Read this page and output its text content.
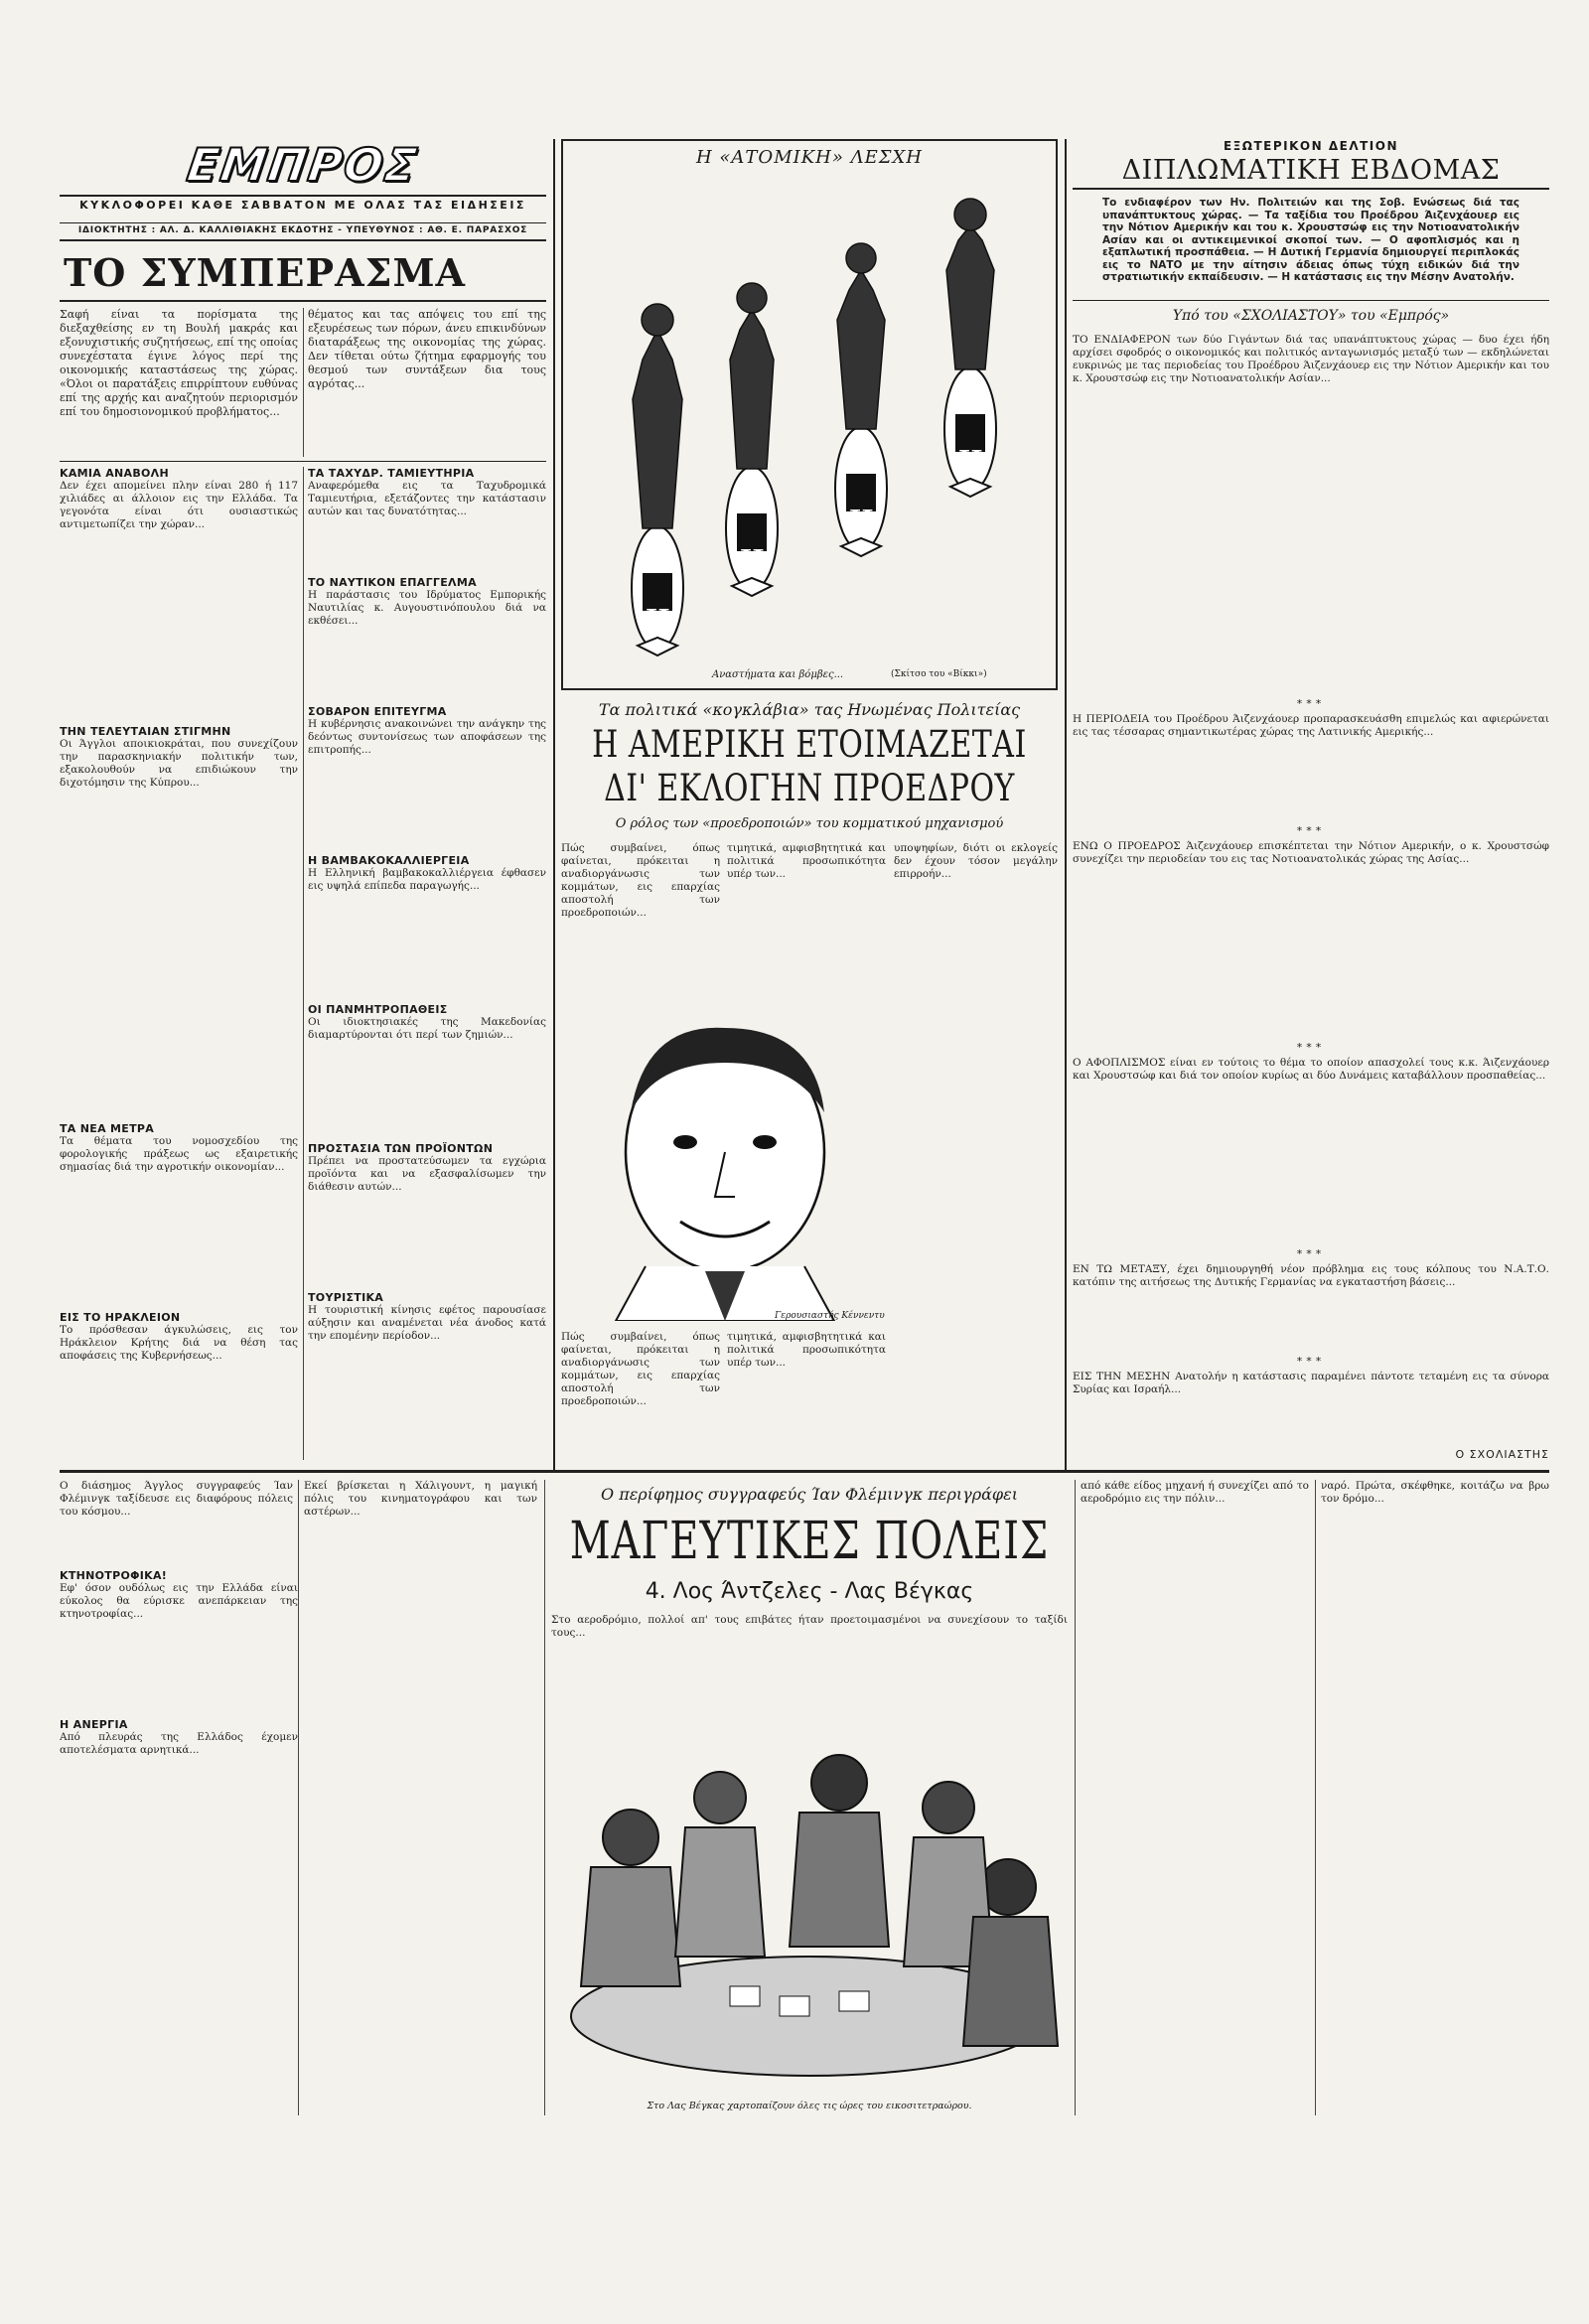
ΕΜΠΡΟΣ
ΚΥΚΛΟΦΟΡΕΙ ΚΑΘΕ ΣΑΒΒΑΤΟΝ ΜΕ ΟΛΑΣ ΤΑΣ ΕΙΔΗΣΕΙΣ
ΙΔΙΟΚΤΗΤΗΣ : ΑΛ. Δ. ΚΑΛΛΙΘΙΑΚΗΣ ΕΚΔΟΤΗΣ - ΥΠΕΥΘΥΝΟΣ : ΑΘ. Ε. ΠΑΡΑΣΧΟΣ
ΤΟ ΣΥΜΠΕΡΑΣΜΑ
Σαφή είναι τα πορίσματα της διεξαχθείσης εν τη Βουλή μακράς και εξονυχιστικής συζητήσεως, επί της οποίας συνεχέστατα έγινε λόγος περί της οικονομικής καταστάσεως της χώρας. «Όλοι οι παρατάξεις επιρρίπτουν ευθύνας επί της αρχής και αναζητούν περιορισμόν επί του δημοσιονομικού προβλήματος...
θέματος και τας απόψεις του επί της εξευρέσεως των πόρων, άνευ επικινδύνων διαταράξεως της οικονομίας της χώρας. Δεν τίθεται ούτω ζήτημα εφαρμογής του θεσμού των συντάξεων δια τους αγρότας...
ΚΑΜΙΑ ΑΝΑΒΟΛΗ
Δεν έχει απομείνει πλην είναι 280 ή 117 χιλιάδες αι άλλοιον εις την Ελλάδα. Τα γεγονότα είναι ότι ουσιαστικώς αντιμετωπίζει την χώραν...
ΤΗΝ ΤΕΛΕΥΤΑΙΑΝ ΣΤΙΓΜΗΝ
Οι Άγγλοι αποικιοκράται, που συνεχίζουν την παρασκηνιακήν πολιτικήν των, εξακολουθούν να επιδιώκουν την διχοτόμησιν της Κύπρου...
ΤΑ ΝΕΑ ΜΕΤΡΑ
Τα θέματα του νομοσχεδίου της φορολογικής πράξεως ως εξαιρετικής σημασίας διά την αγροτικήν οικονομίαν...
ΕΙΣ ΤΟ ΗΡΑΚΛΕΙΟΝ
Το πρόσθεσαν άγκυλώσεις, εις τον Ηράκλειον Κρήτης διά να θέση τας αποφάσεις της Κυβερνήσεως...
ΚΤΗΝΟΤΡΟΦΙΚΑ!
Εφ' όσον ουδόλως εις την Ελλάδα είναι εύκολος θα εύρισκε ανεπάρκειαν της κτηνοτροφίας...
Η ΑΝΕΡΓΙΑ
Από πλευράς της Ελλάδος έχομεν αποτελέσματα αρνητικά...
ΤΑ ΤΑΧΥΔΡ. ΤΑΜΙΕΥΤΗΡΙΑ
Αναφερόμεθα εις τα Ταχυδρομικά Ταμιευτήρια, εξετάζοντες την κατάστασιν αυτών και τας δυνατότητας...
ΤΟ ΝΑΥΤΙΚΟΝ ΕΠΑΓΓΕΛΜΑ
Η παράστασις του Ιδρύματος Εμπορικής Ναυτιλίας κ. Αυγουστινόπουλου διά να εκθέσει...
ΣΟΒΑΡΟΝ ΕΠΙΤΕΥΓΜΑ
Η κυβέρνησις ανακοινώνει την ανάγκην της δεόντως συντονίσεως των αποφάσεων της επιτροπής...
Η ΒΑΜΒΑΚΟΚΑΛΛΙΕΡΓΕΙΑ
Η Ελληνική βαμβακοκαλλιέργεια έφθασεν εις υψηλά επίπεδα παραγωγής...
ΟΙ ΠΑΝΜΗΤΡΟΠΑΘΕΙΣ
Οι ιδιοκτησιακές της Μακεδονίας διαμαρτύρονται ότι περί των ζημιών...
ΠΡΟΣΤΑΣΙΑ ΤΩΝ ΠΡΟΪΟΝΤΩΝ
Πρέπει να προστατεύσωμεν τα εγχώρια προϊόντα και να εξασφαλίσωμεν την διάθεσιν αυτών...
ΤΟΥΡΙΣΤΙΚΑ
Η τουριστική κίνησις εφέτος παρουσίασε αύξησιν και αναμένεται νέα άνοδος κατά την επομένην περίοδον...
Η «ΑΤΟΜΙΚΗ» ΛΕΣΧΗ
Η
Η
Η
Η
Αναστήματα και βόμβες...	(Σκίτσο του «Βίκκι»)
Τα πολιτικά «κογκλάβια» τας Ηνωμένας Πολιτείας
Η ΑΜΕΡΙΚΗ ΕΤΟΙΜΑΖΕΤΑΙ
ΔΙ' ΕΚΛΟΓΗΝ ΠΡΟΕΔΡΟΥ
Ο ρόλος των «προεδροποιών» του κομματικού μηχανισμού
Πώς συμβαίνει, όπως φαίνεται, πρόκειται η αναδιοργάνωσις των κομμάτων, εις επαρχίας αποστολή των προεδροποιών...
τιμητικά, αμφισβητητικά και πολιτικά προσωπικότητα υπέρ των...
υποψηφίων, διότι οι εκλογείς δεν έχουν τόσον μεγάλην επιρροήν...
Γερουσιαστής Κέννεντυ
Πώς συμβαίνει, όπως φαίνεται, πρόκειται η αναδιοργάνωσις των κομμάτων, εις επαρχίας αποστολή των προεδροποιών...
τιμητικά, αμφισβητητικά και πολιτικά προσωπικότητα υπέρ των...
ΕΞΩΤΕΡΙΚΟΝ ΔΕΛΤΙΟΝ
ΔΙΠΛΩΜΑΤΙΚΗ ΕΒΔΟΜΑΣ
Το ενδιαφέρον των Ην. Πολιτειών και της Σοβ. Ενώσεως διά τας υπανάπτυκτους χώρας. — Τα ταξίδια του Προέδρου Άιζενχάουερ εις την Νότιον Αμερικήν και του κ. Χρουστσώφ εις την Νοτιοανατολικήν Ασίαν και οι αντικειμενικοί σκοποί των. — Ο αφοπλισμός και η εξαπλωτική προσπάθεια. — Η Δυτική Γερμανία δημιουργεί περιπλοκάς εις το ΝΑΤΟ με την αίτησιν άδειας όπως τύχη ειδικών διά την στρατιωτικήν εκπαίδευσιν. — Η κατάστασις εις την Μέσην Ανατολήν.
Υπό του «ΣΧΟΛΙΑΣΤΟΥ» του «Εμπρός»
ΤΟ ΕΝΔΙΑΦΕΡΟΝ των δύο Γιγάντων διά τας υπανάπτυκτους χώρας — δυο έχει ήδη αρχίσει σφοδρός ο οικονομικός και πολιτικός ανταγωνισμός μεταξύ των — εκδηλώνεται ευκρινώς με τας περιοδείας του Προέδρου Άιζενχάουερ εις την Νότιον Αμερικήν και του κ. Χρουστσώφ εις την Νοτιοανατολικήν Ασίαν...
***
Η ΠΕΡΙΟΔΕΙΑ του Προέδρου Άιζενχάουερ προπαρασκευάσθη επιμελώς και αφιερώνεται εις τας τέσσαρας σημαντικωτέρας χώρας της Λατινικής Αμερικής...
***
ΕΝΩ Ο ΠΡΟΕΔΡΟΣ Άιζενχάουερ επισκέπτεται την Νότιον Αμερικήν, ο κ. Χρουστσώφ συνεχίζει την περιοδείαν του εις τας Νοτιοανατολικάς χώρας της Ασίας...
***
Ο ΑΦΟΠΛΙΣΜΟΣ είναι εν τούτοις το θέμα το οποίον απασχολεί τους κ.κ. Άιζενχάουερ και Χρουστσώφ και διά τον οποίον κυρίως αι δύο Δυνάμεις καταβάλλουν προσπαθείας...
***
ΕΝ ΤΩ ΜΕΤΑΞΥ, έχει δημιουργηθή νέον πρόβλημα εις τους κόλπους του Ν.Α.Τ.Ο. κατόπιν της αιτήσεως της Δυτικής Γερμανίας να εγκαταστήση βάσεις...
***
ΕΙΣ ΤΗΝ ΜΕΣΗΝ Ανατολήν η κατάστασις παραμένει πάντοτε τεταμένη εις τα σύνορα Συρίας και Ισραήλ...
Ο ΣΧΟΛΙΑΣΤΗΣ
Ο διάσημος Άγγλος συγγραφεύς Ίαν Φλέμινγκ ταξίδευσε εις διαφόρους πόλεις του κόσμου...
Εκεί βρίσκεται η Χάλιγουντ, η μαγική πόλις του κινηματογράφου και των αστέρων...
Ο περίφημος συγγραφεύς Ίαν Φλέμινγκ περιγράφει
ΜΑΓΕΥΤΙΚΕΣ ΠΟΛΕΙΣ
4. Λος Άντζελες - Λας Βέγκας
Στο αεροδρόμιο, πολλοί απ' τους επιβάτες ήταν προετοιμασμένοι να συνεχίσουν το ταξίδι τους...
Στο Λας Βέγκας χαρτοπαίζουν όλες τις ώρες του εικοσιτετραώρου.
από κάθε είδος μηχανή ή συνεχίζει από το αεροδρόμιο εις την πόλιν...
ναρό. Πρώτα, σκέφθηκε, κοιτάζω να βρω τον δρόμο...
